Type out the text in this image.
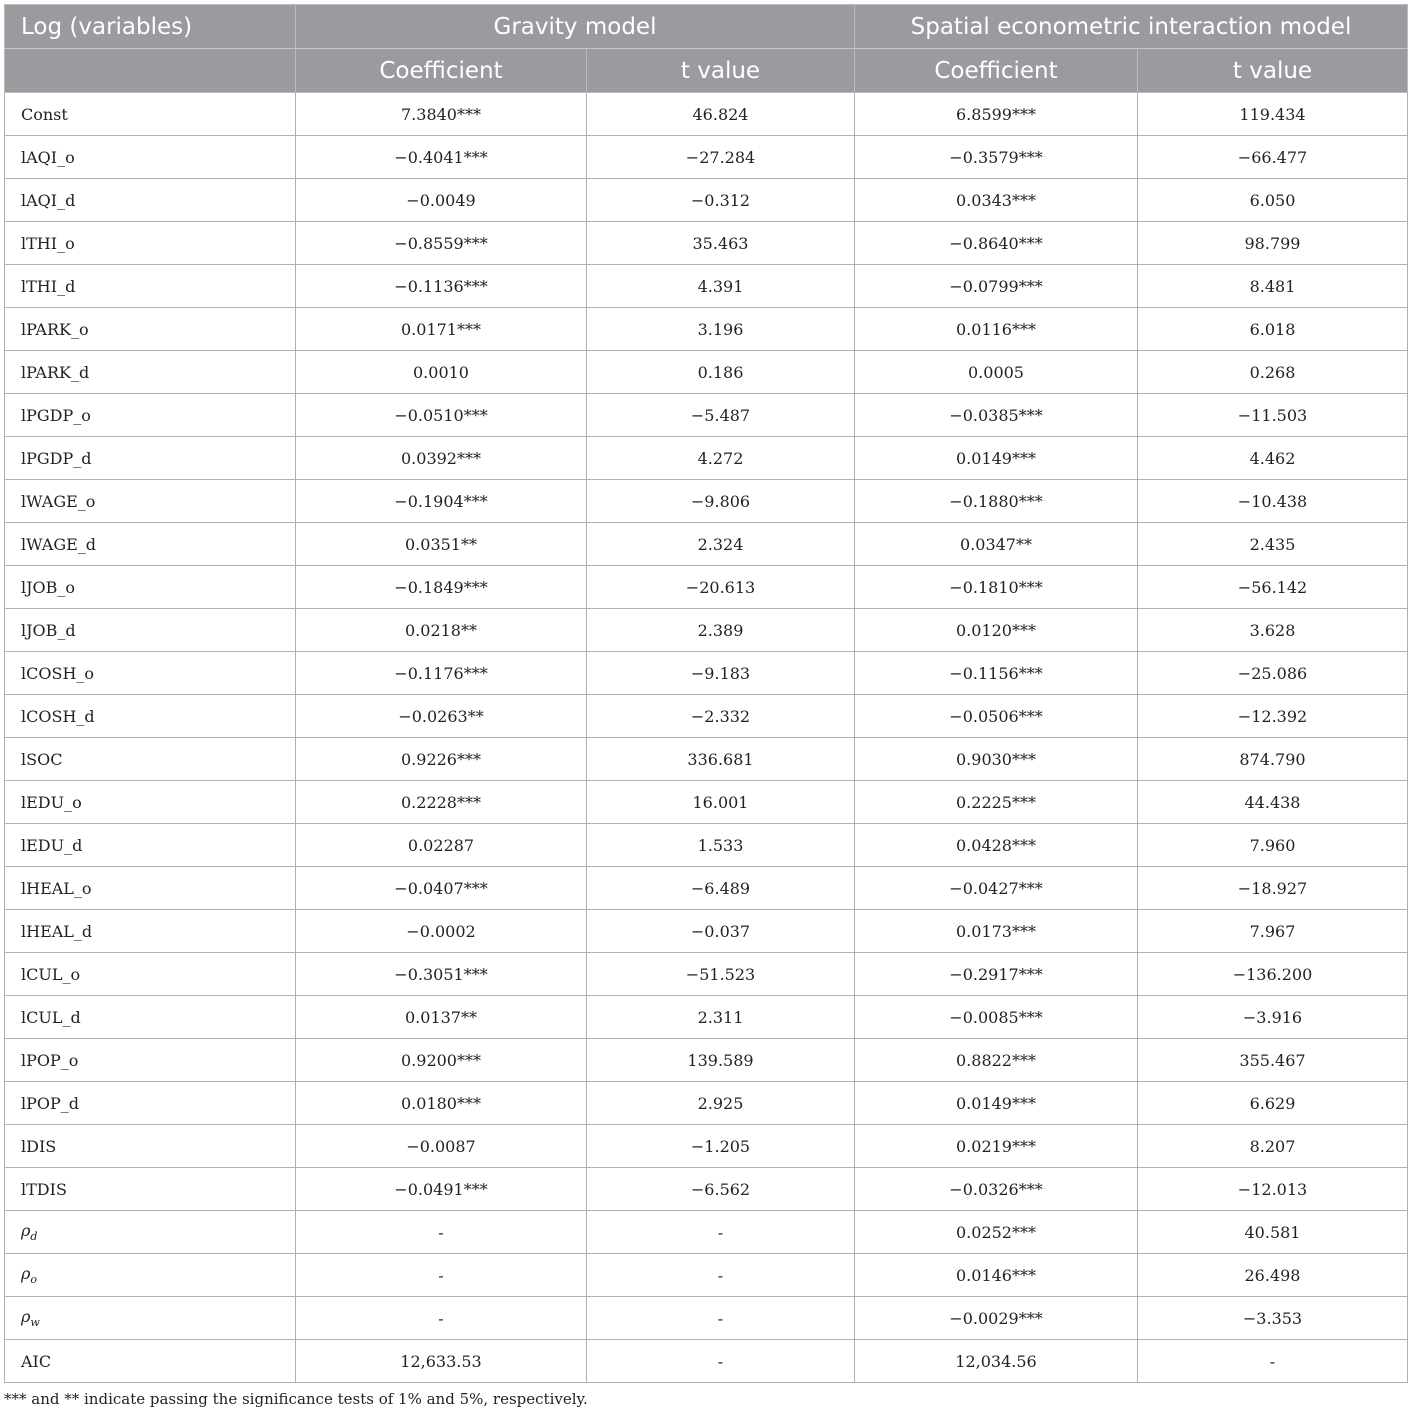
Log (variables)	Gravity model		Spatial econometric interaction model	
	Coefficient	t value	Coefficient	t value
Const	7.3840***	46.824	6.8599***	119.434
lAQI_o	−0.4041***	−27.284	−0.3579***	−66.477
lAQI_d	−0.0049	−0.312	0.0343***	6.050
lTHI_o	−0.8559***	35.463	−0.8640***	98.799
lTHI_d	−0.1136***	4.391	−0.0799***	8.481
lPARK_o	0.0171***	3.196	0.0116***	6.018
lPARK_d	0.0010	0.186	0.0005	0.268
lPGDP_o	−0.0510***	−5.487	−0.0385***	−11.503
lPGDP_d	0.0392***	4.272	0.0149***	4.462
lWAGE_o	−0.1904***	−9.806	−0.1880***	−10.438
lWAGE_d	0.0351**	2.324	0.0347**	2.435
lJOB_o	−0.1849***	−20.613	−0.1810***	−56.142
lJOB_d	0.0218**	2.389	0.0120***	3.628
lCOSH_o	−0.1176***	−9.183	−0.1156***	−25.086
lCOSH_d	−0.0263**	−2.332	−0.0506***	−12.392
lSOC	0.9226***	336.681	0.9030***	874.790
lEDU_o	0.2228***	16.001	0.2225***	44.438
lEDU_d	0.02287	1.533	0.0428***	7.960
lHEAL_o	−0.0407***	−6.489	−0.0427***	−18.927
lHEAL_d	−0.0002	−0.037	0.0173***	7.967
lCUL_o	−0.3051***	−51.523	−0.2917***	−136.200
lCUL_d	0.0137**	2.311	−0.0085***	−3.916
lPOP_o	0.9200***	139.589	0.8822***	355.467
lPOP_d	0.0180***	2.925	0.0149***	6.629
lDIS	−0.0087	−1.205	0.0219***	8.207
lTDIS	−0.0491***	−6.562	−0.0326***	−12.013
$\rho_d$	-	-	0.0252***	40.581
$\rho_o$	-	-	0.0146***	26.498
$\rho_w$	-	-	−0.0029***	−3.353
AIC	12,633.53	-	12,034.56	-
*** and ** indicate passing the significance tests of 1% and 5%, respectively.
